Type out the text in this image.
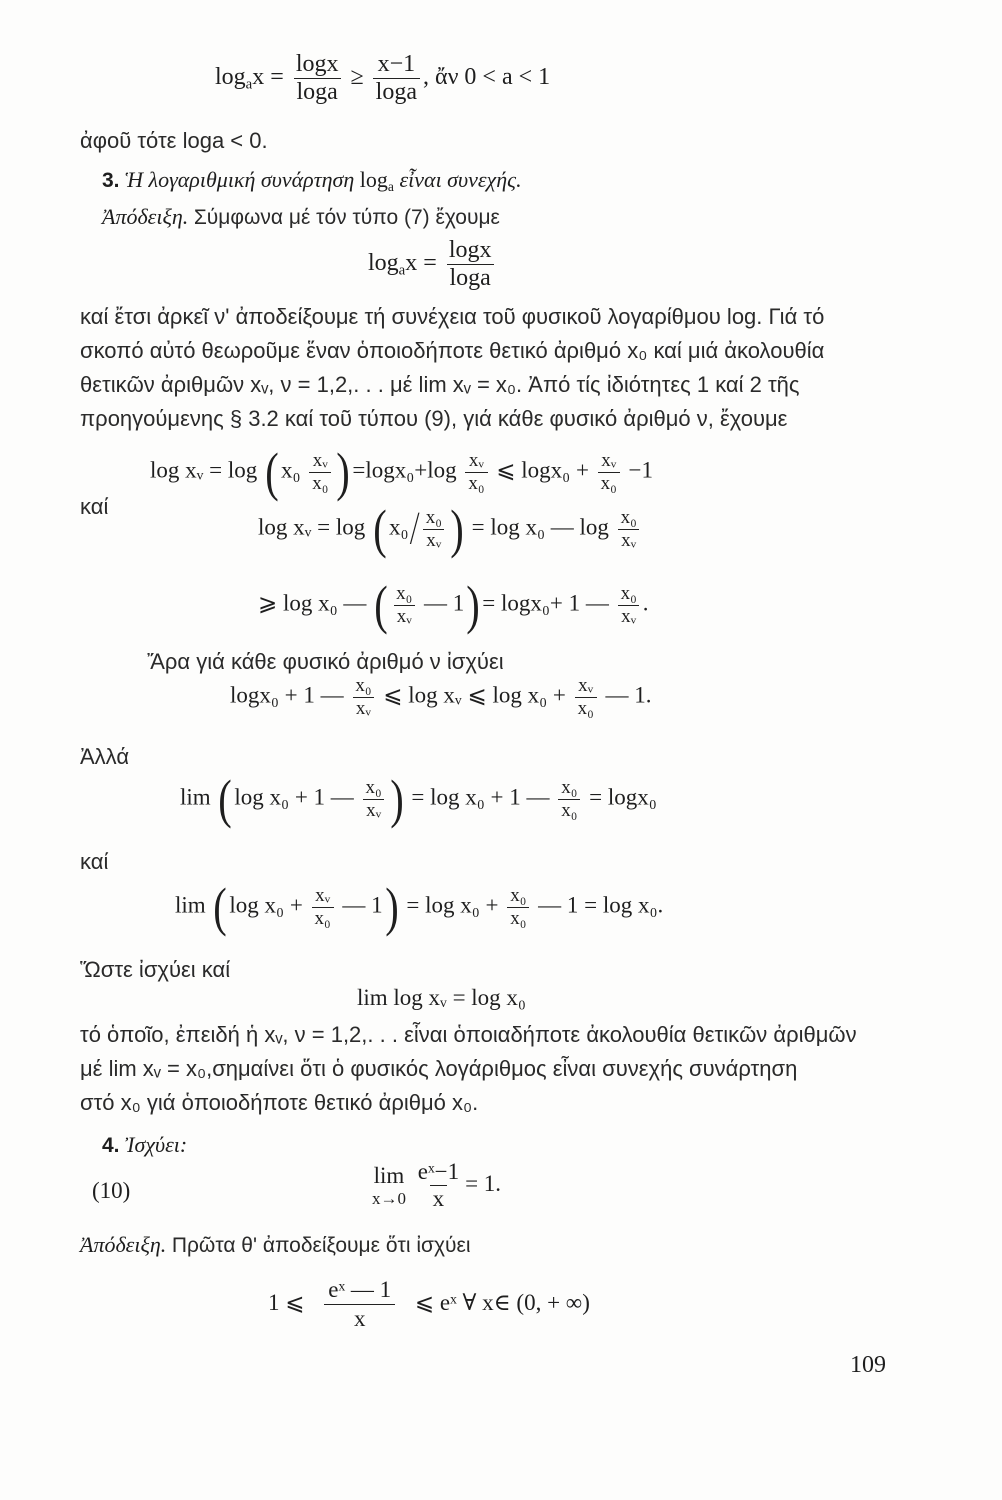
$\log_ax = \frac{\log x}{\log a} \ge \frac{x-1}{\log a}$ , ἄν 0 < a < 1
ἀφοῦ τότε loga < 0.
3. Ἡ λογαριθμική συνάρτηση $\log_a$ εἶναι συνεχής.
Ἀπόδειξη. Σύμφωνα μέ τόν τύπο (7) ἔχουμε
$\log_ax = \frac{\log x}{\log a}$
καί ἔτσι ἀρκεῖ ν' ἀποδείξουμε τή συνέχεια τοῦ φυσικοῦ λογαρίθμου log. Γιά τό
σκοπό αὐτό θεωροῦμε ἕναν ὁποιοδήποτε θετικό ἀριθμό x₀ καί μιά ἀκολουθία
θετικῶν ἀριθμῶν xᵥ, ν = 1,2,. . . μέ lim xᵥ = x₀. Ἀπό τίς ἰδιότητες 1 καί 2 τῆς
προηγούμενης § 3.2 καί τοῦ τύπου (9), γιά κάθε φυσικό ἀριθμό ν, ἔχουμε
log xᵥ = $\log (x_0 \frac{\text{xᵥ}}{\text{x₀}} )=\log x_0+\log \frac{\text{xᵥ}}{\text{x₀}}$ ⩽ $\log x_0 + \frac{\text{xᵥ}}{\text{x₀}} -1$
καί
log xᵥ = $\log (x_0/ \frac{\text{x₀}}{\text{xᵥ}}$ ) = log x₀ — $\log \frac{\text{x₀}}{\text{xᵥ}}$
⩾ log x₀ — ( $\frac{\text{x₀}}{\text{xᵥ}}$ — 1)= logx₀+ 1 — $\frac{\text{x₀}}{\text{xᵥ}}$ .
Ἄρα γιά κάθε φυσικό ἀριθμό ν ἰσχύει
logx₀ + 1 — $\frac{\text{x₀}}{\text{xᵥ}}$ ⩽ log xᵥ ⩽ $\log x_0 + \frac{\text{xᵥ}}{\text{x₀}}$ — 1.
Ἀλλά
lim (log x₀ + 1 — $\frac{\text{x₀}}{\text{xᵥ}}$ ) = log x₀ + 1 — $\frac{\text{x₀}}{\text{x₀}} = \log x_0$
καί
lim (log $x_0 + \frac{\text{xᵥ}}{\text{x₀}}$ — $1) = \log x_0 + \frac{\text{x₀}}{\text{x₀}}$ — 1 = log x₀.
Ὥστε ἰσχύει καί
lim log xᵥ = log x₀
τό ὁποῖο, ἐπειδή ἡ xᵥ, ν = 1,2,. . . εἶναι ὁποιαδήποτε ἀκολουθία θετικῶν ἀριθμῶν
μέ lim xᵥ = x₀,σημαίνει ὅτι ὁ φυσικός λογάριθμος εἶναι συνεχής συνάρτηση
στό x₀ γιά ὁποιοδήποτε θετικό ἀριθμό x₀.
4. Ἰσχύει:
(10)
lim
x→0
$\frac{\text{eˣ−1}}{x} = 1$.
Ἀπόδειξη. Πρῶτα θ' ἀποδείξουμε ὅτι ἰσχύει
1 ⩽ $\frac{\text{eˣ — 1}}{x}$ ⩽ eˣ ∀ x∈ (0, + ∞)
109
